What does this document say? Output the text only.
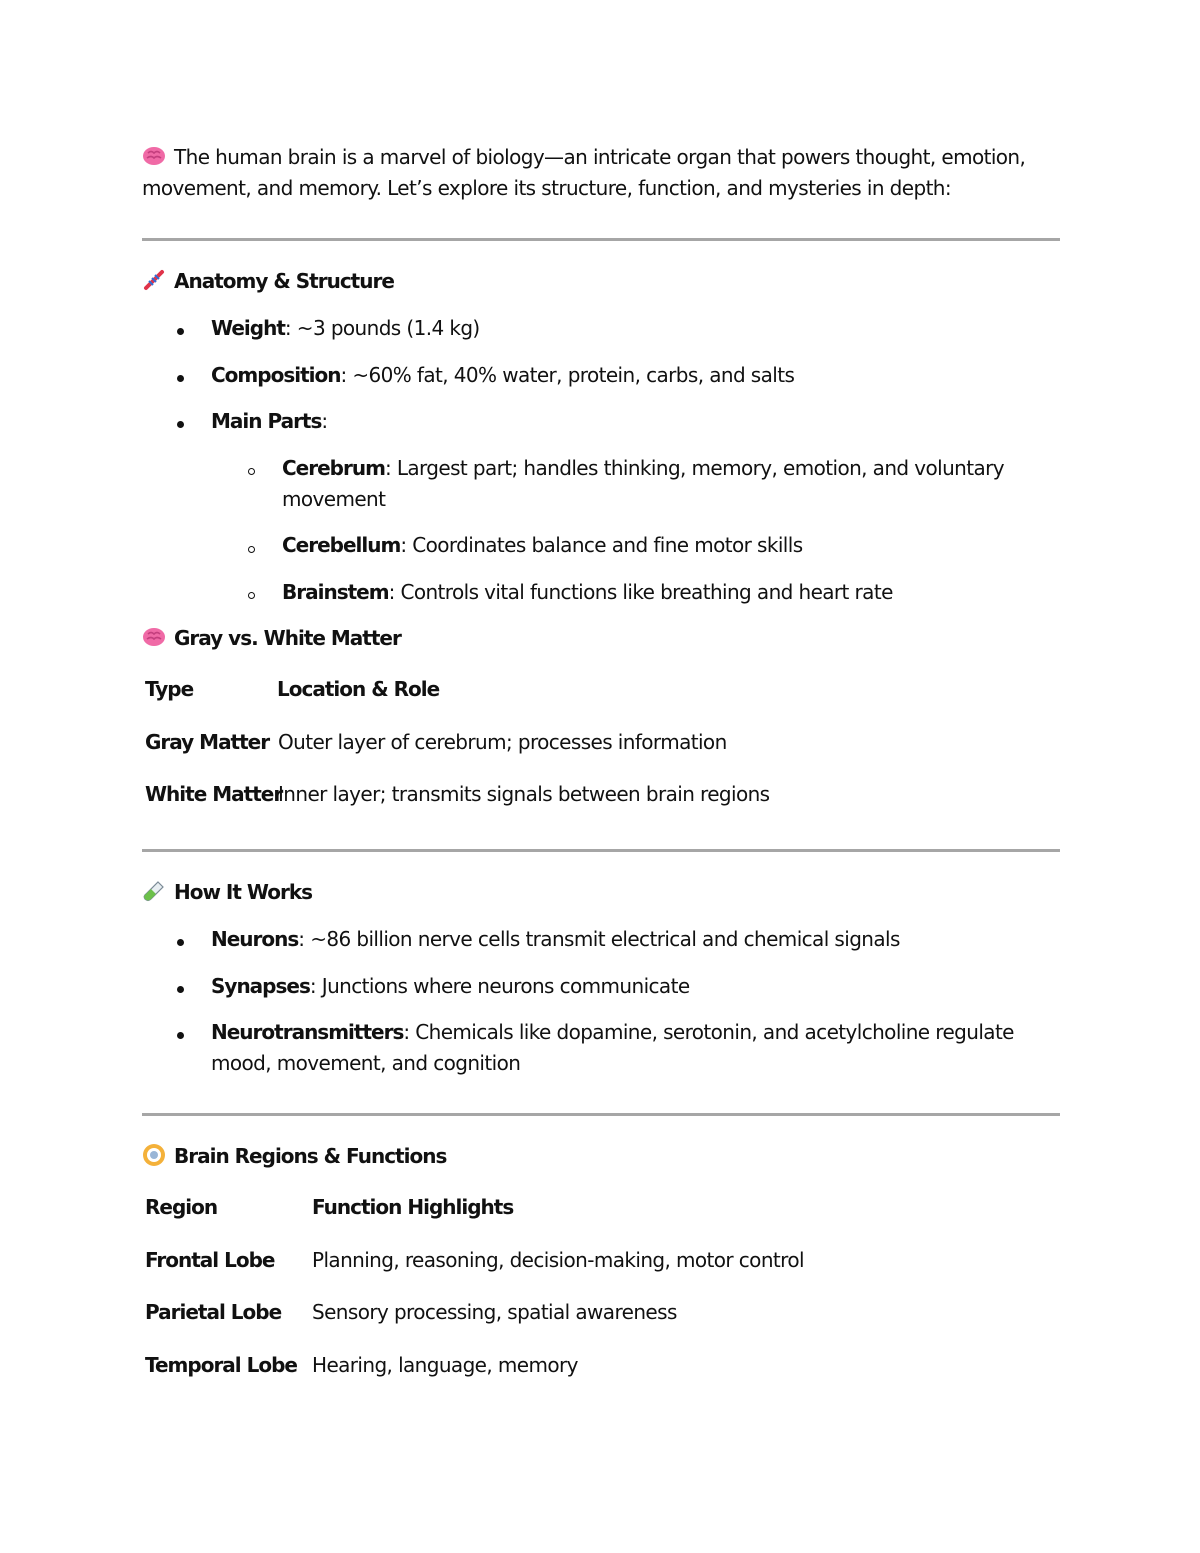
The human brain is a marvel of biology—an intricate organ that powers thought, emotion, movement, and memory. Let’s explore its structure, function, and mysteries in depth:
Anatomy & Structure
Weight: ~3 pounds (1.4 kg)
Composition: ~60% fat, 40% water, protein, carbs, and salts
Main Parts:
Cerebrum: Largest part; handles thinking, memory, emotion, and voluntary movement
Cerebellum: Coordinates balance and fine motor skills
Brainstem: Controls vital functions like breathing and heart rate
Gray vs. White Matter
Type	Location & Role
Gray Matter Outer layer of cerebrum; processes information
White Matter
Inner layer; transmits signals between brain regions
How It Works
Neurons: ~86 billion nerve cells transmit electrical and chemical signals
Synapses: Junctions where neurons communicate
Neurotransmitters: Chemicals like dopamine, serotonin, and acetylcholine regulate mood, movement, and cognition
Brain Regions & Functions
Region	Function Highlights
Frontal Lobe Planning, reasoning, decision-making, motor control
Parietal Lobe Sensory processing, spatial awareness
Temporal Lobe Hearing, language, memory
